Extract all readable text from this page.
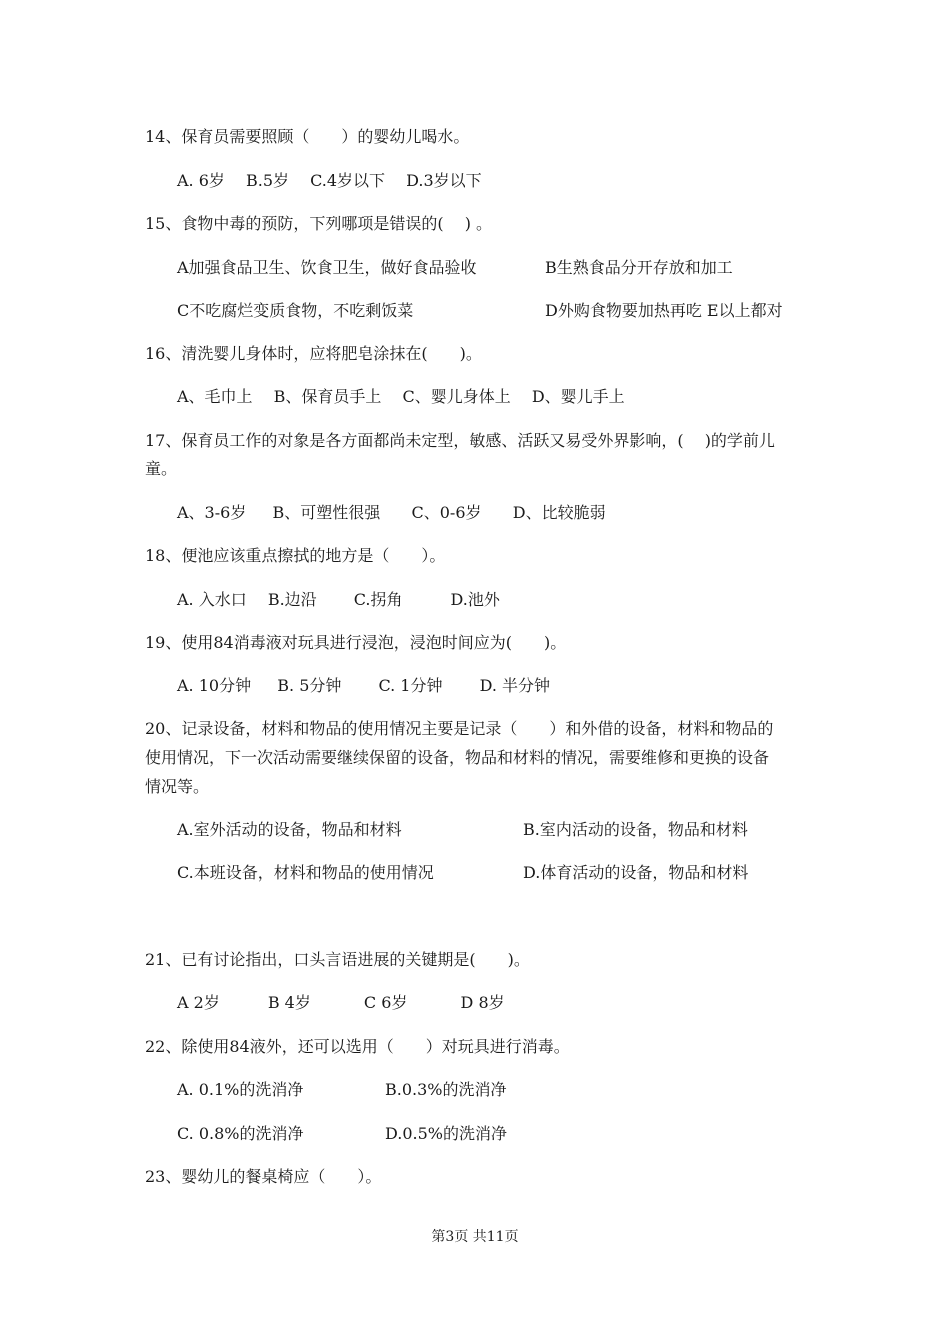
14、保育员需要照顾（　　）的婴幼儿喝水。
A. 6岁　 B.5岁　 C.4岁以下　 D.3岁以下
15、食物中毒的预防，下列哪项是错误的(　 ) 。
A加强食品卫生、饮食卫生，做好食品验收	B生熟食品分开存放和加工
C不吃腐烂变质食物，不吃剩饭菜	D外购食物要加热再吃 E以上都对
16、清洗婴儿身体时，应将肥皂涂抹在(　　)。
A、毛巾上　 B、保育员手上　 C、婴儿身体上　 D、婴儿手上
17、保育员工作的对象是各方面都尚未定型，敏感、活跃又易受外界影响，(　 )的学前儿
童。
A、3-6岁　  B、可塑性很强　   C、0-6岁　   D、比较脆弱
18、便池应该重点擦拭的地方是（　　）。
A. 入水口　 B.边沿　　 C.拐角　　　D.池外
19、使用84消毒液对玩具进行浸泡，浸泡时间应为(　　)。
A. 10分钟　  B. 5分钟　　 C. 1分钟　　 D. 半分钟
20、记录设备，材料和物品的使用情况主要是记录（　　）和外借的设备，材料和物品的
使用情况，下一次活动需要继续保留的设备，物品和材料的情况，需要维修和更换的设备
情况等。
A.室外活动的设备，物品和材料	B.室内活动的设备，物品和材料
C.本班设备，材料和物品的使用情况	D.体育活动的设备，物品和材料
21、已有讨论指出，口头言语进展的关键期是(　　)。
A 2岁　　　B 4岁　　　 C 6岁　　　 D 8岁
22、除使用84液外，还可以选用（　　）对玩具进行消毒。
A. 0.1%的洗消净	B.0.3%的洗消净
C. 0.8%的洗消净	D.0.5%的洗消净
23、婴幼儿的餐桌椅应（　　）。
第3页 共11页
